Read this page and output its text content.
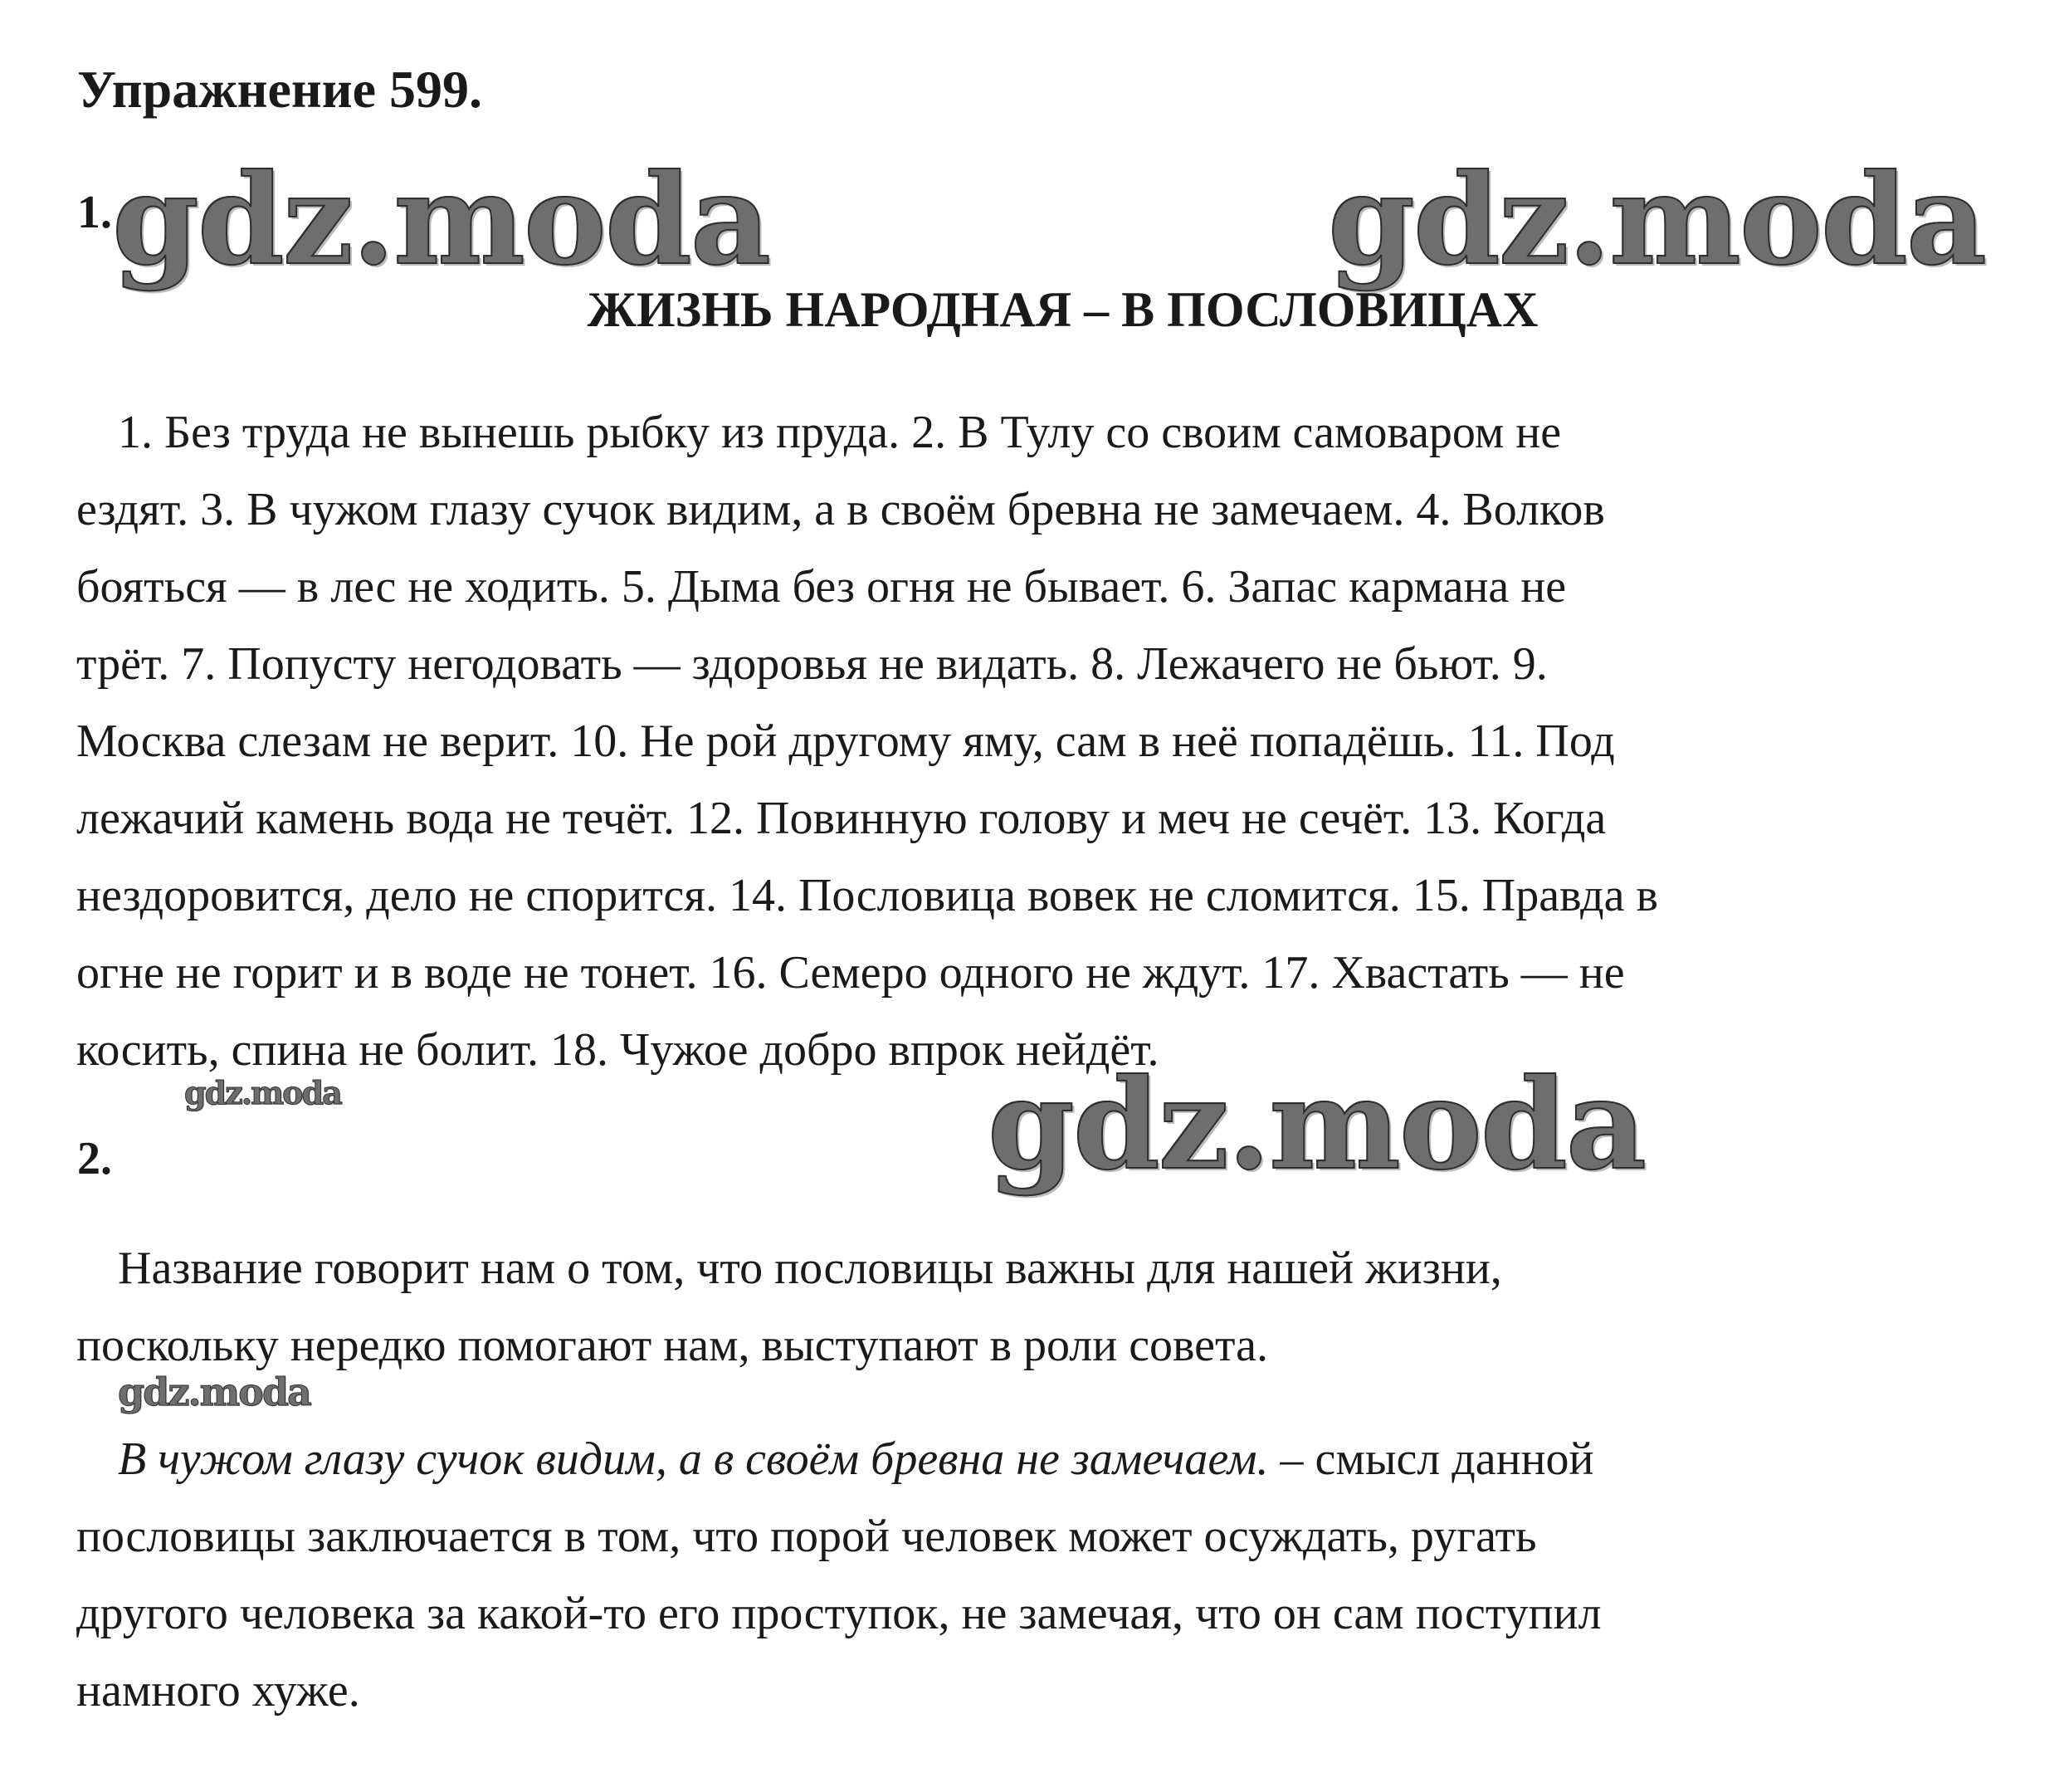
Упражнение 599.
gdz.moda	gdz.moda
gdz.moda
gdz.moda
gdz.moda
1.
ЖИЗНЬ НАРОДНАЯ – В ПОСЛОВИЦАХ

1. Без труда не вынешь рыбку из пруда. 2. В Тулу со своим самоваром не
ездят. 3. В чужом глазу сучок видим, а в своём бревна не замечаем. 4. Волков
бояться — в лес не ходить. 5. Дыма без огня не бывает. 6. Запас кармана не
трёт. 7. Попусту негодовать — здоровья не видать. 8. Лежачего не бьют. 9.
Москва слезам не верит. 10. Не рой другому яму, сам в неё попадёшь. 11. Под
лежачий камень вода не течёт. 12. Повинную голову и меч не сечёт. 13. Когда
нездоровится, дело не спорится. 14. Пословица вовек не сломится. 15. Правда в
огне не горит и в воде не тонет. 16. Семеро одного не ждут. 17. Хвастать — не
косить, спина не болит. 18. Чужое добро впрок нейдёт.

2.

Название говорит нам о том, что пословицы важны для нашей жизни,
поскольку нередко помогают нам, выступают в роли совета.

В чужом глазу сучок видим, а в своём бревна не замечаем. – смысл данной
пословицы заключается в том, что порой человек может осуждать, ругать
другого человека за какой-то его проступок, не замечая, что он сам поступил
намного хуже.
